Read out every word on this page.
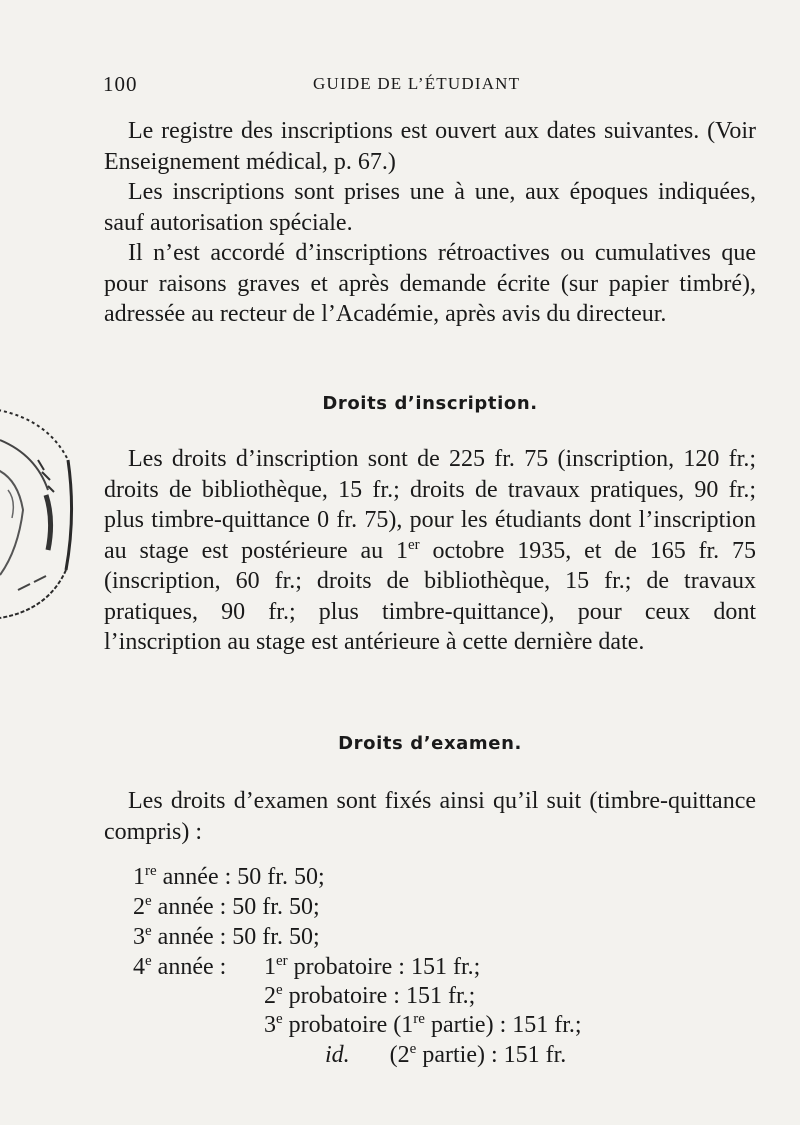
100	GUIDE DE L’ÉTUDIANT

Le registre des inscriptions est ouvert aux dates suivantes. (Voir Enseignement médical, p. 67.)

Les inscriptions sont prises une à une, aux époques indiquées, sauf autorisation spéciale.

Il n’est accordé d’inscriptions rétroactives ou cumulatives que pour raisons graves et après demande écrite (sur papier timbré), adressée au recteur de l’Académie, après avis du directeur.

Droits d’inscription.

Les droits d’inscription sont de 225 fr. 75 (inscription, 120 fr.; droits de bibliothèque, 15 fr.; droits de travaux pratiques, 90 fr.; plus timbre-quittance 0 fr. 75), pour les étudiants dont l’inscription au stage est postérieure au 1er octobre 1935, et de 165 fr. 75 (inscription, 60 fr.; droits de bibliothèque, 15 fr.; de travaux pratiques, 90 fr.; plus timbre-quittance), pour ceux dont l’inscription au stage est antérieure à cette dernière date.

Droits d’examen.

Les droits d’examen sont fixés ainsi qu’il suit (timbre-quittance compris) :

1re année : 50 fr. 50;
2e année : 50 fr. 50;
3e année : 50 fr. 50;
4e année : 1er probatoire : 151 fr.;
2e probatoire : 151 fr.;
3e probatoire (1re partie) : 151 fr.;
id. (2e partie) : 151 fr.
